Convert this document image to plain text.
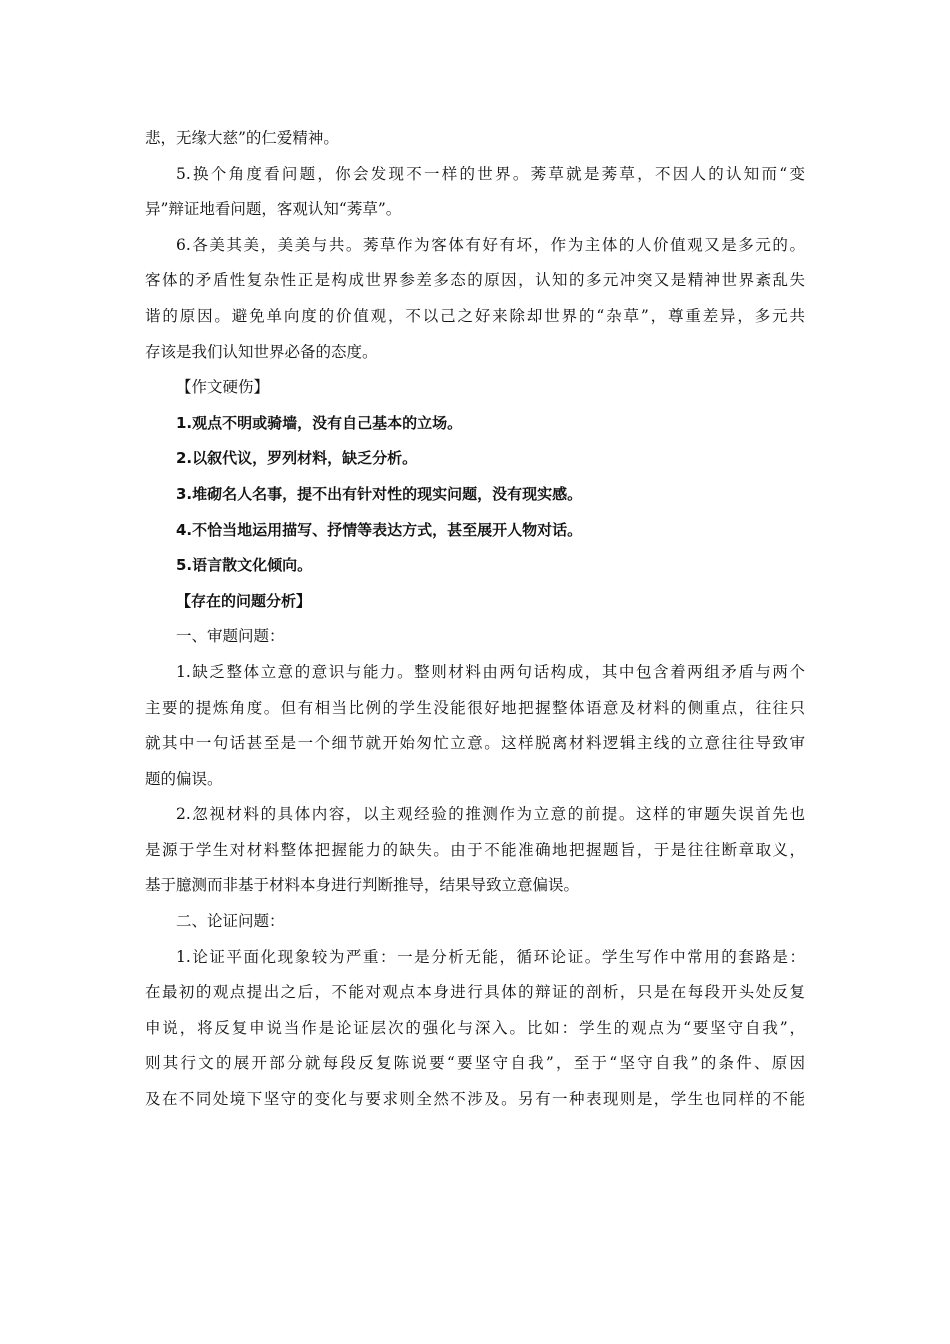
悲，无缘大慈”的仁爱精神。

5.换个角度看问题，你会发现不一样的世界。莠草就是莠草，不因人的认知而“变

异”辩证地看问题，客观认知“莠草”。

6.各美其美，美美与共。莠草作为客体有好有坏，作为主体的人价值观又是多元的。

客体的矛盾性复杂性正是构成世界参差多态的原因，认知的多元冲突又是精神世界紊乱失

谐的原因。避免单向度的价值观，不以己之好来除却世界的“杂草”，尊重差异，多元共

存该是我们认知世界必备的态度。

【作文硬伤】

1.观点不明或骑墙，没有自己基本的立场。

2.以叙代议，罗列材料，缺乏分析。

3.堆砌名人名事，提不出有针对性的现实问题，没有现实感。

4.不恰当地运用描写、抒情等表达方式，甚至展开人物对话。

5.语言散文化倾向。

【存在的问题分析】

一、审题问题：

1.缺乏整体立意的意识与能力。整则材料由两句话构成，其中包含着两组矛盾与两个

主要的提炼角度。但有相当比例的学生没能很好地把握整体语意及材料的侧重点，往往只

就其中一句话甚至是一个细节就开始匆忙立意。这样脱离材料逻辑主线的立意往往导致审

题的偏误。

2.忽视材料的具体内容，以主观经验的推测作为立意的前提。这样的审题失误首先也

是源于学生对材料整体把握能力的缺失。由于不能准确地把握题旨，于是往往断章取义，

基于臆测而非基于材料本身进行判断推导，结果导致立意偏误。

二、论证问题：

1.论证平面化现象较为严重：一是分析无能，循环论证。学生写作中常用的套路是：

在最初的观点提出之后，不能对观点本身进行具体的辩证的剖析，只是在每段开头处反复

申说，将反复申说当作是论证层次的强化与深入。比如：学生的观点为“要坚守自我”，

则其行文的展开部分就每段反复陈说要“要坚守自我”，至于“坚守自我”的条件、原因

及在不同处境下坚守的变化与要求则全然不涉及。另有一种表现则是，学生也同样的不能
